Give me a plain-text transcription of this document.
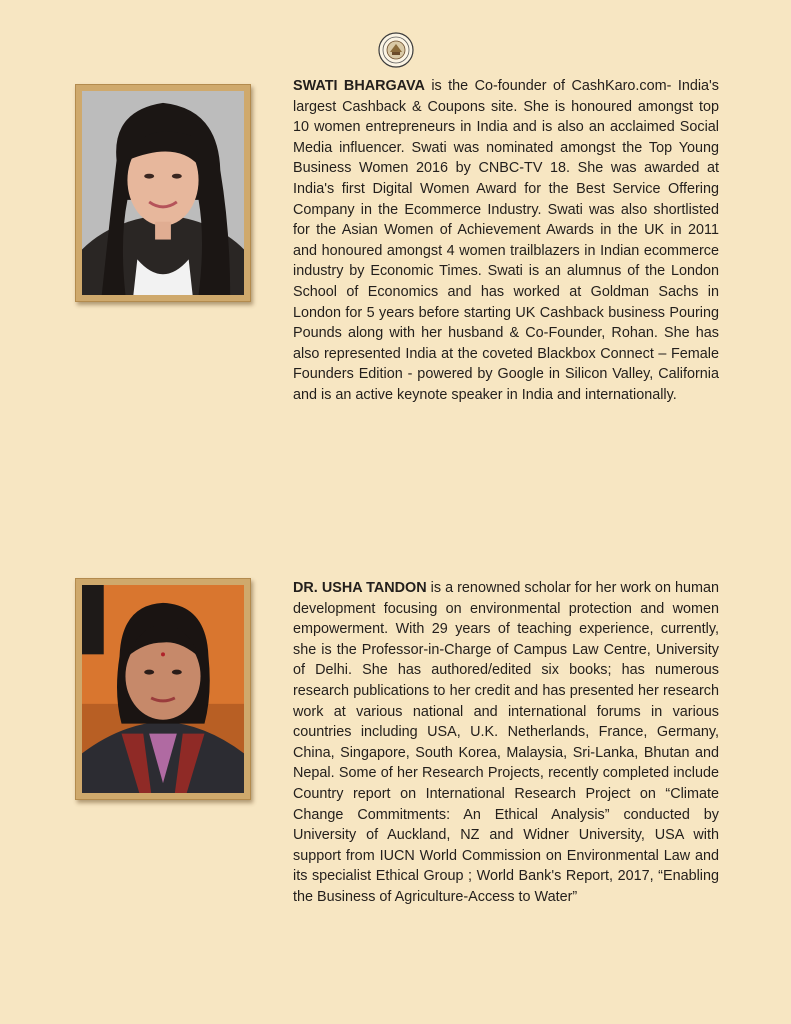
SWATI BHARGAVA is the Co-founder of CashKaro.com- India's largest Cashback & Coupons site. She is honoured amongst top 10 women entrepreneurs in India and is also an acclaimed Social Media influencer. Swati was nominated amongst the Top Young Business Women 2016 by CNBC-TV 18. She was awarded at India's first Digital Women Award for the Best Service Offering Company in the Ecommerce Industry. Swati was also shortlisted for the Asian Women of Achievement Awards in the UK in 2011 and honoured amongst 4 women trailblazers in Indian ecommerce industry by Economic Times. Swati is an alumnus of the London School of Economics and has worked at Goldman Sachs in London for 5 years before starting UK Cashback business Pouring Pounds along with her husband & Co-Founder, Rohan. She has also represented India at the coveted Blackbox Connect – Female Founders Edition - powered by Google in Silicon Valley, California and is an active keynote speaker in India and internationally.

DR. USHA TANDON is a renowned scholar for her work on human development focusing on environmental protection and women empowerment. With 29 years of teaching experience, currently, she is the Professor-in-Charge of Campus Law Centre, University of Delhi. She has authored/edited six books; has numerous research publications to her credit and has presented her research work at various national and international forums in various countries including USA, U.K. Netherlands, France, Germany, China, Singapore, South Korea, Malaysia, Sri-Lanka, Bhutan and Nepal. Some of her Research Projects, recently completed include Country report on International Research Project on “Climate Change Commitments: An Ethical Analysis” conducted by University of Auckland, NZ and Widner University, USA with support from IUCN World Commission on Environmental Law and its specialist Ethical Group ; World Bank's Report, 2017, “Enabling the Business of Agriculture-Access to Water”
